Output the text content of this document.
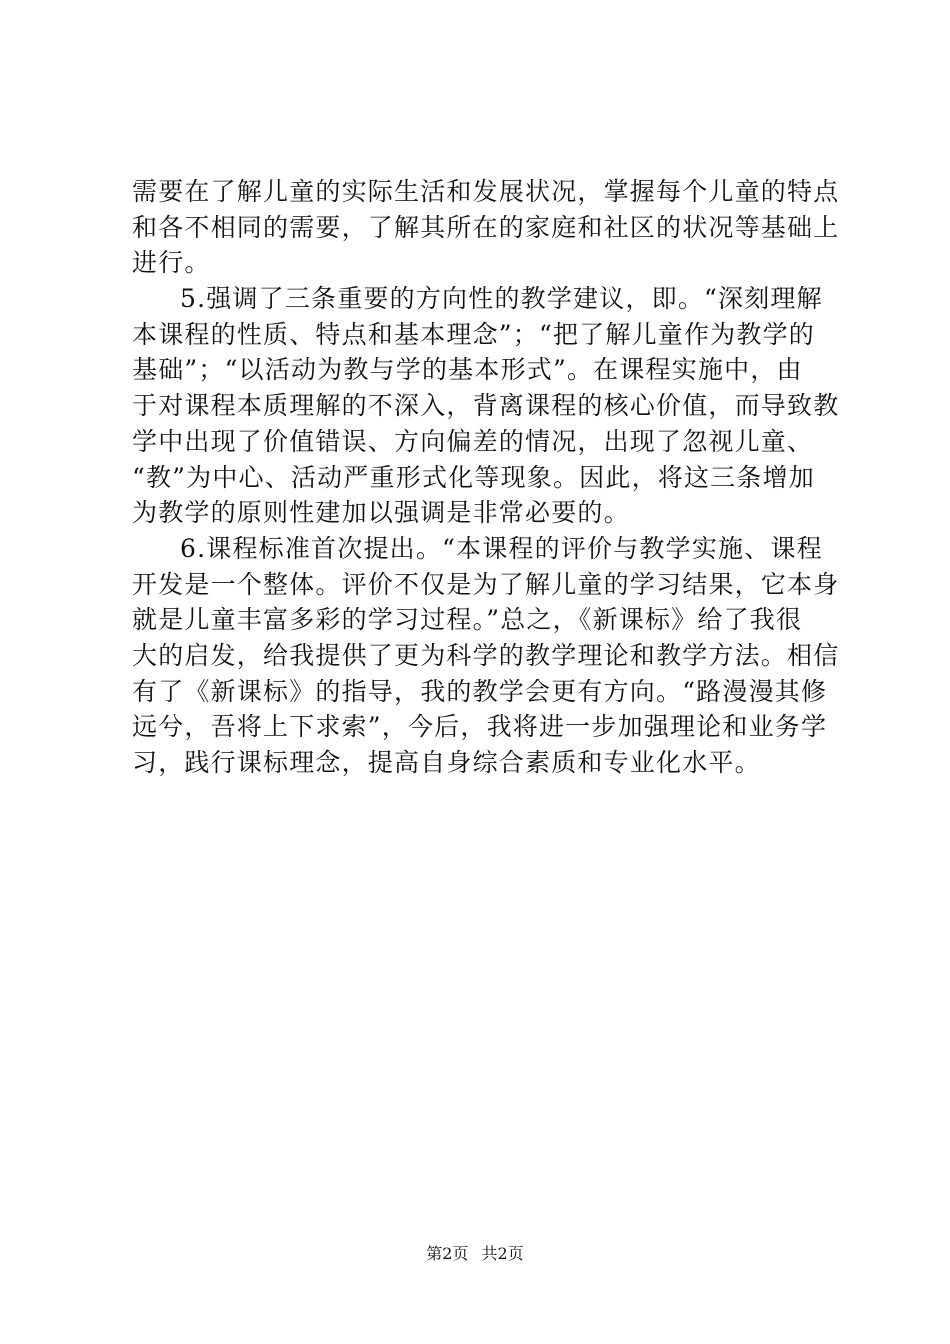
需要在了解儿童的实际生活和发展状况，掌握每个儿童的特点
和各不相同的需要，了解其所在的家庭和社区的状况等基础上
进行。
5.强调了三条重要的方向性的教学建议，即。“深刻理解
本课程的性质、特点和基本理念”；“把了解儿童作为教学的
基础”；“以活动为教与学的基本形式”。在课程实施中，由
于对课程本质理解的不深入，背离课程的核心价值，而导致教
学中出现了价值错误、方向偏差的情况，出现了忽视儿童、
“教”为中心、活动严重形式化等现象。因此，将这三条增加
为教学的原则性建加以强调是非常必要的。
6.课程标准首次提出。“本课程的评价与教学实施、课程
开发是一个整体。评价不仅是为了解儿童的学习结果，它本身
就是儿童丰富多彩的学习过程。”总之，《新课标》给了我很
大的启发，给我提供了更为科学的教学理论和教学方法。相信
有了《新课标》的指导，我的教学会更有方向。“路漫漫其修
远兮，吾将上下求索”，今后，我将进一步加强理论和业务学
习，践行课标理念，提高自身综合素质和专业化水平。
第2页 共2页
